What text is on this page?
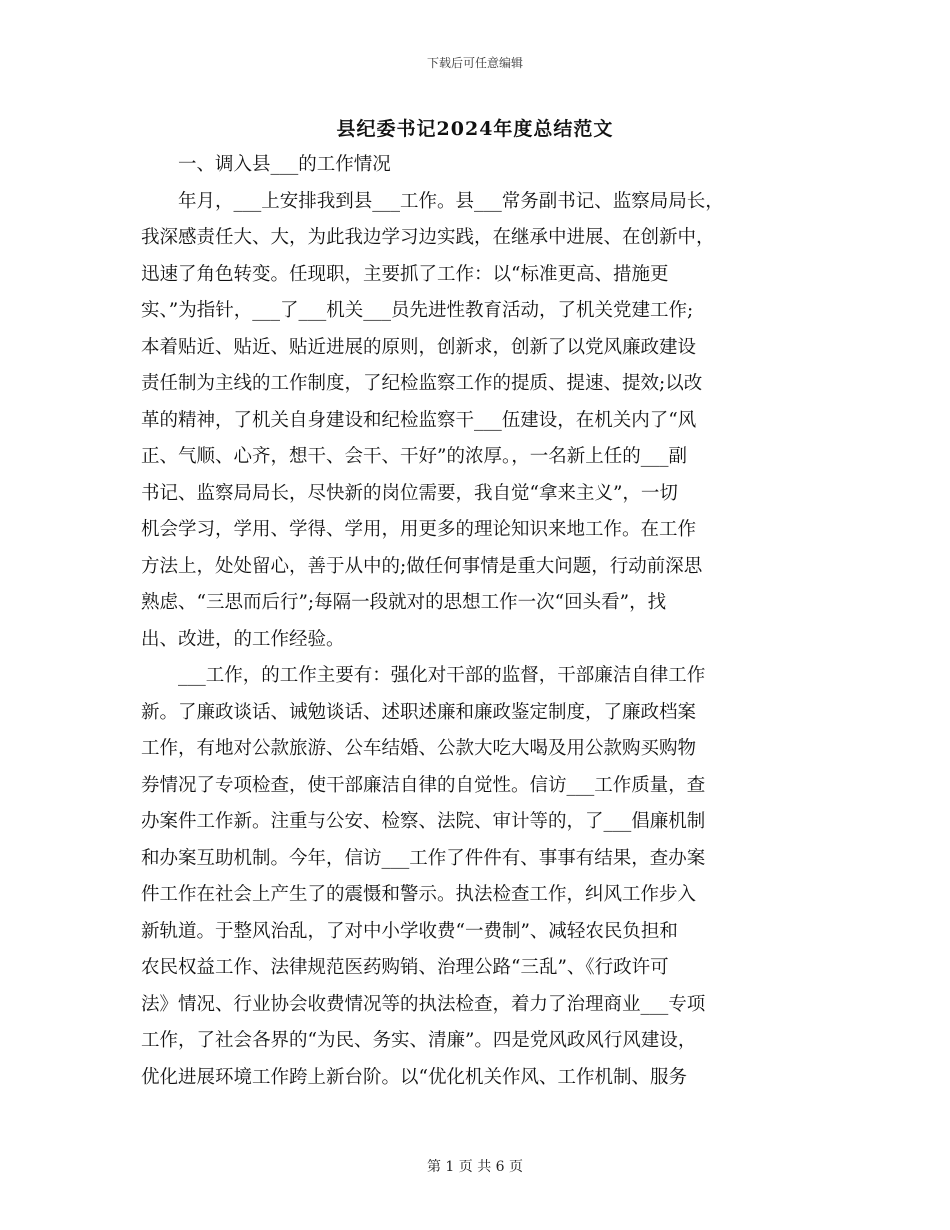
下载后可任意编辑
县纪委书记2024年度总结范文
　　一、调入县___的工作情况
　　年月，___上安排我到县___工作。县___常务副书记、监察局局长，
我深感责任大、大，为此我边学习边实践，在继承中进展、在创新中，
迅速了角色转变。任现职，主要抓了工作：以“标准更高、措施更
实、”为指针，___了___机关___员先进性教育活动，了机关党建工作;
本着贴近、贴近、贴近进展的原则，创新求，创新了以党风廉政建设
责任制为主线的工作制度，了纪检监察工作的提质、提速、提效;以改
革的精神，了机关自身建设和纪检监察干___伍建设，在机关内了“风
正、气顺、心齐，想干、会干、干好”的浓厚。，一名新上任的___副
书记、监察局局长，尽快新的岗位需要，我自觉“拿来主义”，一切
机会学习，学用、学得、学用，用更多的理论知识来地工作。在工作
方法上，处处留心，善于从中的;做任何事情是重大问题，行动前深思
熟虑、“三思而后行”;每隔一段就对的思想工作一次“回头看”，找
出、改进，的工作经验。
　　___工作，的工作主要有：强化对干部的监督，干部廉洁自律工作
新。了廉政谈话、诫勉谈话、述职述廉和廉政鉴定制度，了廉政档案
工作，有地对公款旅游、公车结婚、公款大吃大喝及用公款购买购物
券情况了专项检查，使干部廉洁自律的自觉性。信访___工作质量，查
办案件工作新。注重与公安、检察、法院、审计等的，了___倡廉机制
和办案互助机制。今年，信访___工作了件件有、事事有结果，查办案
件工作在社会上产生了的震慑和警示。执法检查工作，纠风工作步入
新轨道。于整风治乱，了对中小学收费“一费制”、减轻农民负担和
农民权益工作、法律规范医药购销、治理公路“三乱”、《行政许可
法》情况、行业协会收费情况等的执法检查，着力了治理商业___专项
工作，了社会各界的“为民、务实、清廉”。四是党风政风行风建设，
优化进展环境工作跨上新台阶。以“优化机关作风、工作机制、服务
第 1 页 共 6 页
